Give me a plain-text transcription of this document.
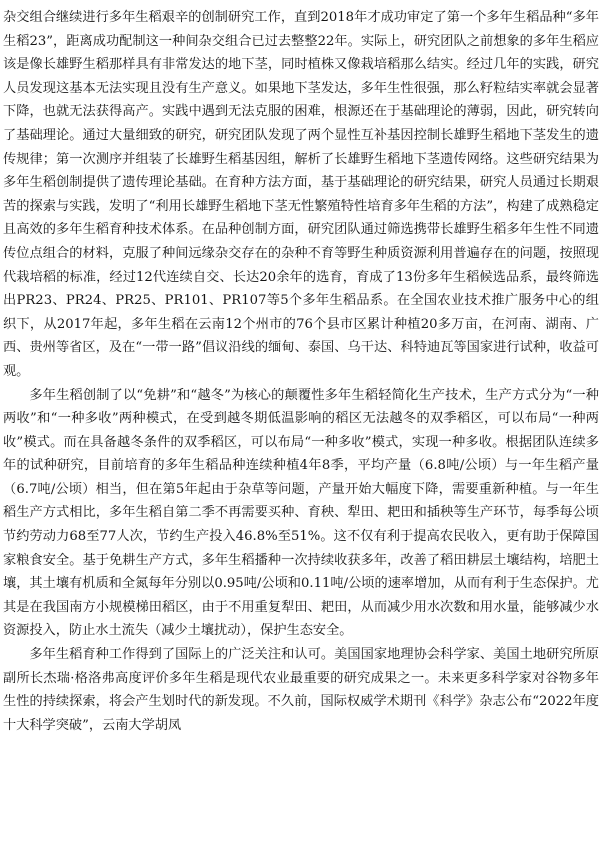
杂交组合继续进行多年生稻艰辛的创制研究工作，直到2018年才成功审定了第一个多年生稻品种“多年生稻23”，距离成功配制这一种间杂交组合已过去整整22年。实际上，研究团队之前想象的多年生稻应该是像长雄野生稻那样具有非常发达的地下茎，同时植株又像栽培稻那么结实。经过几年的实践，研究人员发现这基本无法实现且没有生产意义。如果地下茎发达，多年生性很强，那么籽粒结实率就会显著下降，也就无法获得高产。实践中遇到无法克服的困难，根源还在于基础理论的薄弱，因此，研究转向了基础理论。通过大量细致的研究，研究团队发现了两个显性互补基因控制长雄野生稻地下茎发生的遗传规律；第一次测序并组装了长雄野生稻基因组，解析了长雄野生稻地下茎遗传网络。这些研究结果为多年生稻创制提供了遗传理论基础。在育种方法方面，基于基础理论的研究结果，研究人员通过长期艰苦的探索与实践，发明了“利用长雄野生稻地下茎无性繁殖特性培育多年生稻的方法”，构建了成熟稳定且高效的多年生稻育种技术体系。在品种创制方面，研究团队通过筛选携带长雄野生稻多年生性不同遗传位点组合的材料，克服了种间远缘杂交存在的杂种不育等野生种质资源利用普遍存在的问题，按照现代栽培稻的标准，经过12代连续自交、长达20余年的选育，育成了13份多年生稻候选品系，最终筛选出PR23、PR24、PR25、PR101、PR107等5个多年生稻品系。在全国农业技术推广服务中心的组织下，从2017年起，多年生稻在云南12个州市的76个县市区累计种植20多万亩，在河南、湖南、广西、贵州等省区，及在“一带一路”倡议沿线的缅甸、泰国、乌干达、科特迪瓦等国家进行试种，收益可观。

多年生稻创制了以“免耕”和“越冬”为核心的颠覆性多年生稻轻简化生产技术，生产方式分为“一种两收”和“一种多收”两种模式，在受到越冬期低温影响的稻区无法越冬的双季稻区，可以布局“一种两收”模式。而在具备越冬条件的双季稻区，可以布局“一种多收”模式，实现一种多收。根据团队连续多年的试种研究，目前培育的多年生稻品种连续种植4年8季，平均产量（6.8吨/公顷）与一年生稻产量（6.7吨/公顷）相当，但在第5年起由于杂草等问题，产量开始大幅度下降，需要重新种植。与一年生稻生产方式相比，多年生稻自第二季不再需要买种、育秧、犁田、耙田和插秧等生产环节，每季每公顷节约劳动力68至77人次，节约生产投入46.8%至51%。这不仅有利于提高农民收入，更有助于保障国家粮食安全。基于免耕生产方式，多年生稻播种一次持续收获多年，改善了稻田耕层土壤结构，培肥土壤，其土壤有机质和全氮每年分别以0.95吨/公顷和0.11吨/公顷的速率增加，从而有利于生态保护。尤其是在我国南方小规模梯田稻区，由于不用重复犁田、耙田，从而减少用水次数和用水量，能够减少水资源投入，防止水土流失（减少土壤扰动），保护生态安全。

多年生稻育种工作得到了国际上的广泛关注和认可。美国国家地理协会科学家、美国土地研究所原副所长杰瑞·格洛弗高度评价多年生稻是现代农业最重要的研究成果之一。未来更多科学家对谷物多年生性的持续探索，将会产生划时代的新发现。不久前，国际权威学术期刊《科学》杂志公布“2022年度十大科学突破”，云南大学胡凤
